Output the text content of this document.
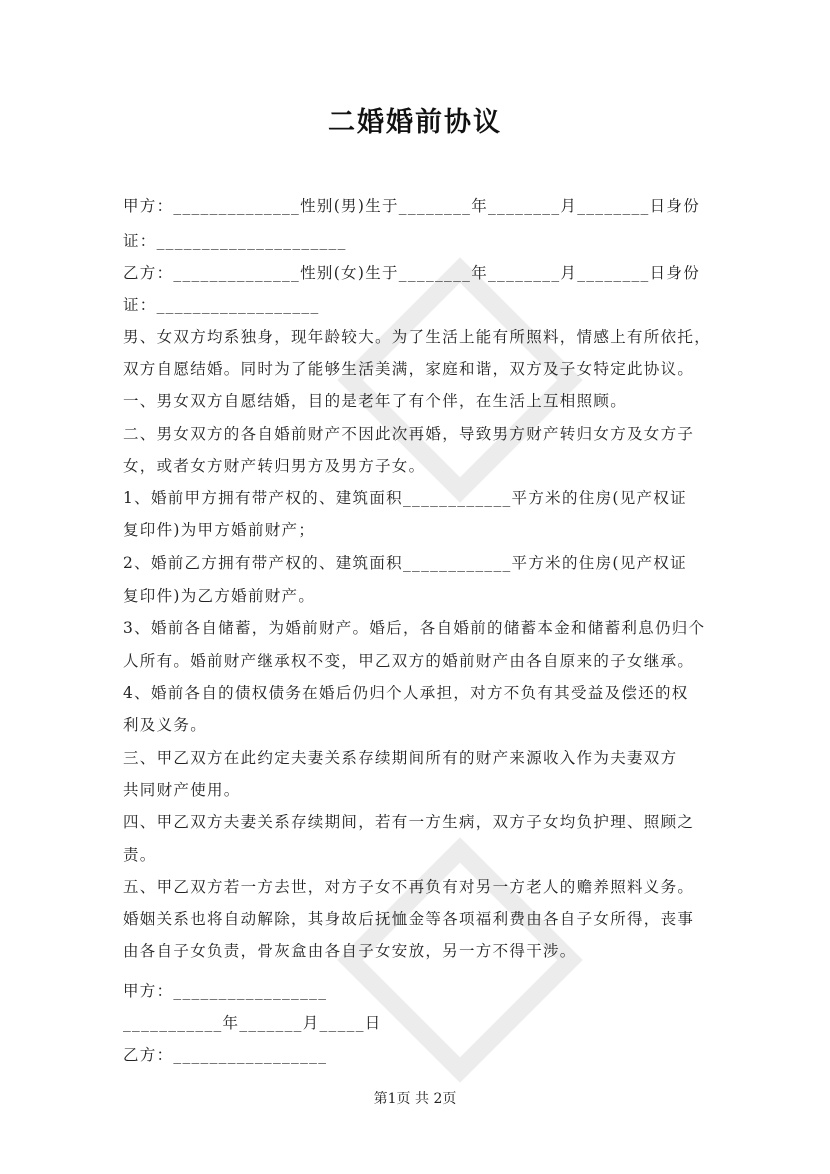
二婚婚前协议
甲方：______________性别(男)生于________年________月________日身份
证：_____________________
乙方：______________性别(女)生于________年________月________日身份
证：__________________
男、女双方均系独身，现年龄较大。为了生活上能有所照料，情感上有所依托，
双方自愿结婚。同时为了能够生活美满，家庭和谐，双方及子女特定此协议。
一、男女双方自愿结婚，目的是老年了有个伴，在生活上互相照顾。
二、男女双方的各自婚前财产不因此次再婚，导致男方财产转归女方及女方子
女，或者女方财产转归男方及男方子女。
1、婚前甲方拥有带产权的、建筑面积____________平方米的住房(见产权证
复印件)为甲方婚前财产；
2、婚前乙方拥有带产权的、建筑面积____________平方米的住房(见产权证
复印件)为乙方婚前财产。
3、婚前各自储蓄，为婚前财产。婚后，各自婚前的储蓄本金和储蓄利息仍归个
人所有。婚前财产继承权不变，甲乙双方的婚前财产由各自原来的子女继承。
4、婚前各自的债权债务在婚后仍归个人承担，对方不负有其受益及偿还的权
利及义务。
三、甲乙双方在此约定夫妻关系存续期间所有的财产来源收入作为夫妻双方
共同财产使用。
四、甲乙双方夫妻关系存续期间，若有一方生病，双方子女均负护理、照顾之
责。
五、甲乙双方若一方去世，对方子女不再负有对另一方老人的赡养照料义务。
婚姻关系也将自动解除，其身故后抚恤金等各项福利费由各自子女所得，丧事
由各自子女负责，骨灰盒由各自子女安放，另一方不得干涉。
甲方：_________________
___________年_______月_____日
乙方：_________________
第1页 共 2页
